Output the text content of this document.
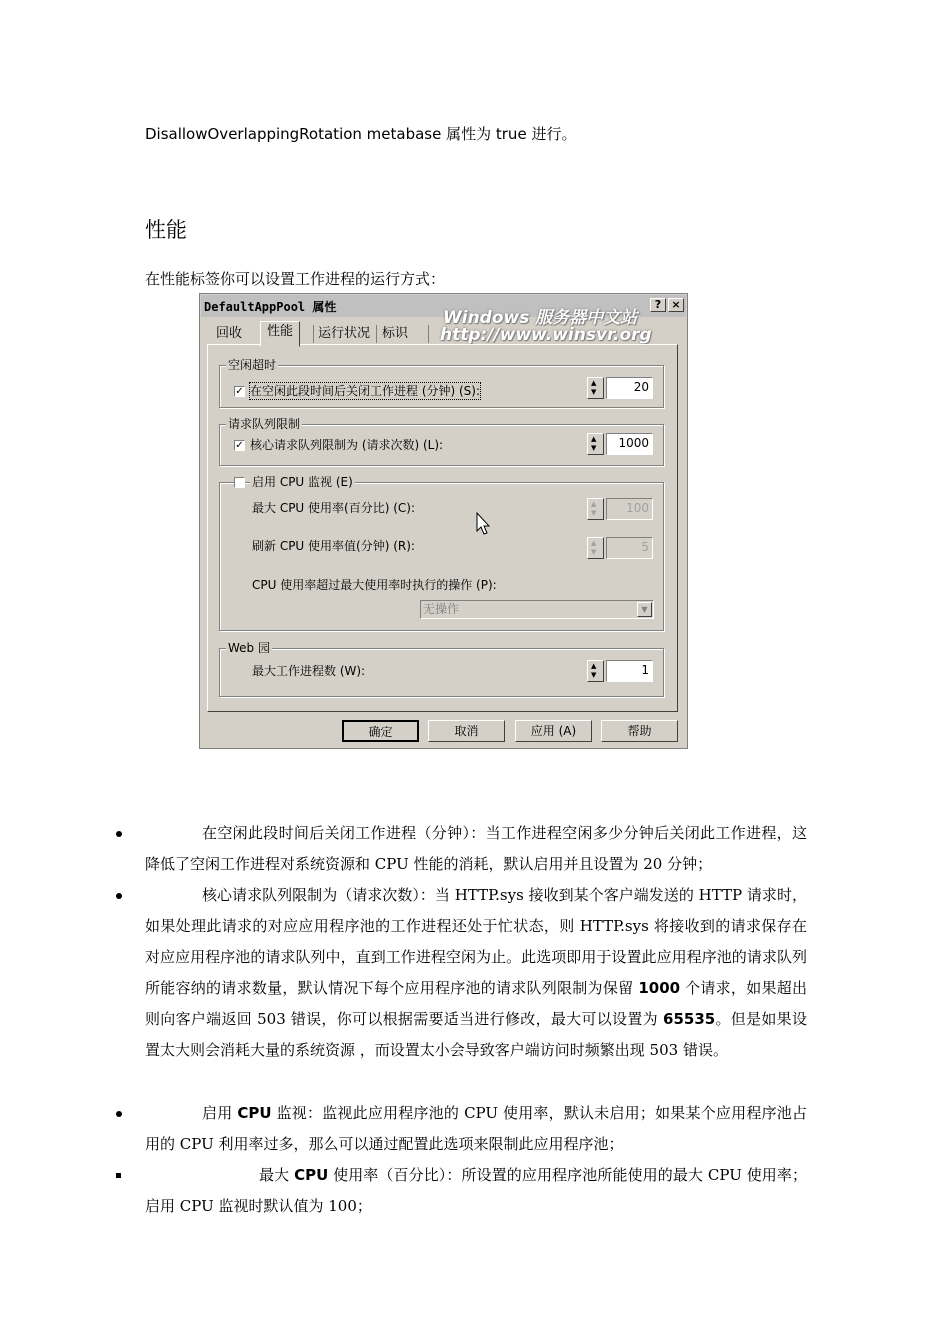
DisallowOverlappingRotation metabase 属性为 true 进行。
性能
在性能标签你可以设置工作进程的运行方式：
DefaultAppPool 属性	? ×
Windows 服务器中文站
http://www.winsvr.org
回收	性能	运行状况 标识
空闲超时
✓ 在空闲此段时间后关闭工作进程 (分钟) (S):
▲
▼	20
请求队列限制
✓ 核心请求队列限制为 (请求次数) (L):	▲
▼	1000
启用 CPU 监视 (E)
最大 CPU 使用率(百分比) (C):	▲
▼	100
刷新 CPU 使用率值(分钟) (R):	▲
▼	5
CPU 使用率超过最大使用率时执行的操作 (P):
无操作	▼
Web 园
最大工作进程数 (W):	▲
▼	1
确定	取消	应用 (A)	帮助
在空闲此段时间后关闭工作进程（分钟）：当工作进程空闲多少分钟后关闭此工作进程，这降低了空闲工作进程对系统资源和 CPU 性能的消耗，默认启用并且设置为 20 分钟；
核心请求队列限制为（请求次数）：当 HTTP.sys 接收到某个客户端发送的 HTTP 请求时，如果处理此请求的对应应用程序池的工作进程还处于忙状态，则 HTTP.sys 将接收到的请求保存在对应应用程序池的请求队列中，直到工作进程空闲为止。此选项即用于设置此应用程序池的请求队列所能容纳的请求数量，默认情况下每个应用程序池的请求队列限制为保留 1000 个请求，如果超出则向客户端返回 503 错误，你可以根据需要适当进行修改，最大可以设置为 65535。但是如果设置太大则会消耗大量的系统资源 ，而设置太小会导致客户端访问时频繁出现 503 错误。
启用 CPU 监视：监视此应用程序池的 CPU 使用率，默认未启用；如果某个应用程序池占用的 CPU 利用率过多，那么可以通过配置此选项来限制此应用程序池；
最大 CPU 使用率（百分比）：所设置的应用程序池所能使用的最大 CPU 使用率；启用 CPU 监视时默认值为 100；
